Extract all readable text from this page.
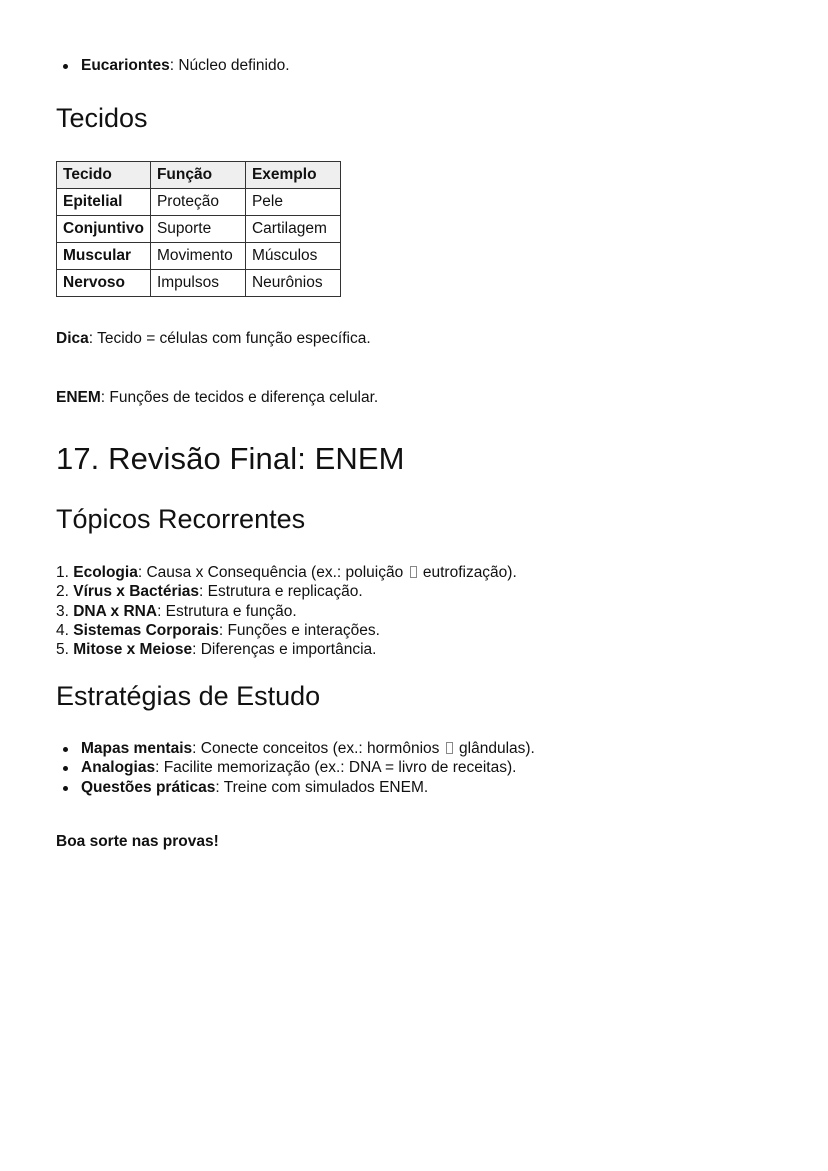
Eucariontes: Núcleo definido.
Tecidos
Tecido	Função	Exemplo
Epitelial	Proteção	Pele
Conjuntivo	Suporte	Cartilagem
Muscular	Movimento	Músculos
Nervoso	Impulsos	Neurônios

Dica: Tecido = células com função específica.

ENEM: Funções de tecidos e diferença celular.

17. Revisão Final: ENEM
Tópicos Recorrentes
1. Ecologia: Causa x Consequência (ex.: poluição eutrofização).
2. Vírus x Bactérias: Estrutura e replicação.
3. DNA x RNA: Estrutura e função.
4. Sistemas Corporais: Funções e interações.
5. Mitose x Meiose: Diferenças e importância.
Estratégias de Estudo
Mapas mentais: Conecte conceitos (ex.: hormônios glândulas).
Analogias: Facilite memorização (ex.: DNA = livro de receitas).
Questões práticas: Treine com simulados ENEM.

Boa sorte nas provas!
